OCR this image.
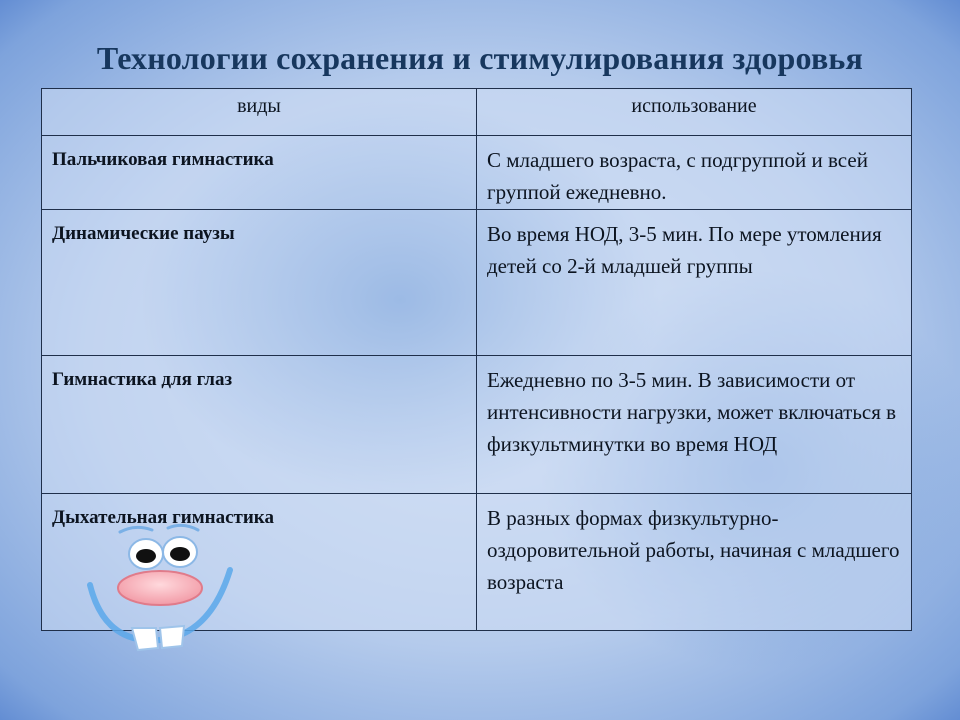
Технологии сохранения и стимулирования здоровья
виды	использование
Пальчиковая гимнастика	С младшего возраста, с подгруппой и всей группой ежедневно.
Динамические паузы	Во время НОД, 3-5 мин. По мере утомления детей со 2-й младшей группы
Гимнастика для глаз	Ежедневно по 3-5 мин. В зависимости от интенсивности нагрузки, может включаться в физкультминутки во время НОД
Дыхательная гимнастика	В разных формах физкультурно-оздоровительной работы, начиная с младшего возраста
